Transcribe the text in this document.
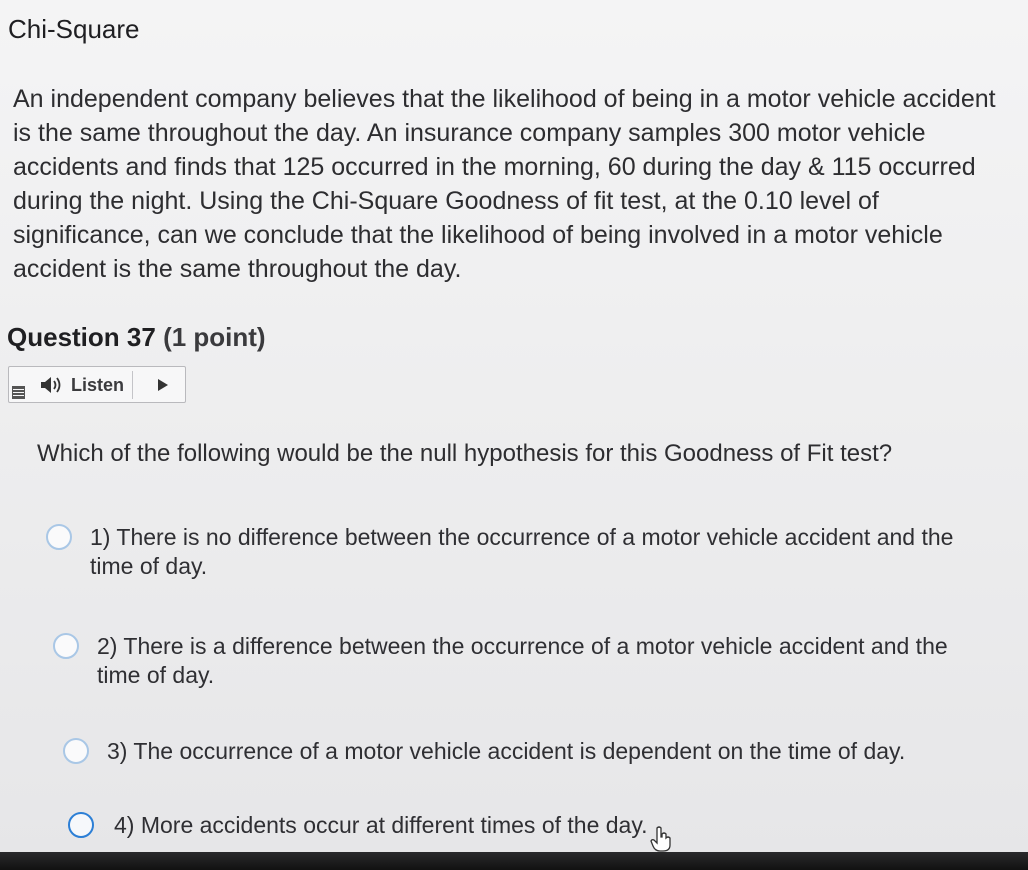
Chi-Square

An independent company believes that the likelihood of being in a motor vehicle accident is the same throughout the day. An insurance company samples 300 motor vehicle accidents and finds that 125 occurred in the morning, 60 during the day & 115 occurred during the night. Using the Chi-Square Goodness of fit test, at the 0.10 level of significance, can we conclude that the likelihood of being involved in a motor vehicle accident is the same throughout the day.

Question 37 (1 point)
Listen

Which of the following would be the null hypothesis for this Goodness of Fit test?

1) There is no difference between the occurrence of a motor vehicle accident and the time of day.
2) There is a difference between the occurrence of a motor vehicle accident and the time of day.
3) The occurrence of a motor vehicle accident is dependent on the time of day.
4) More accidents occur at different times of the day.
